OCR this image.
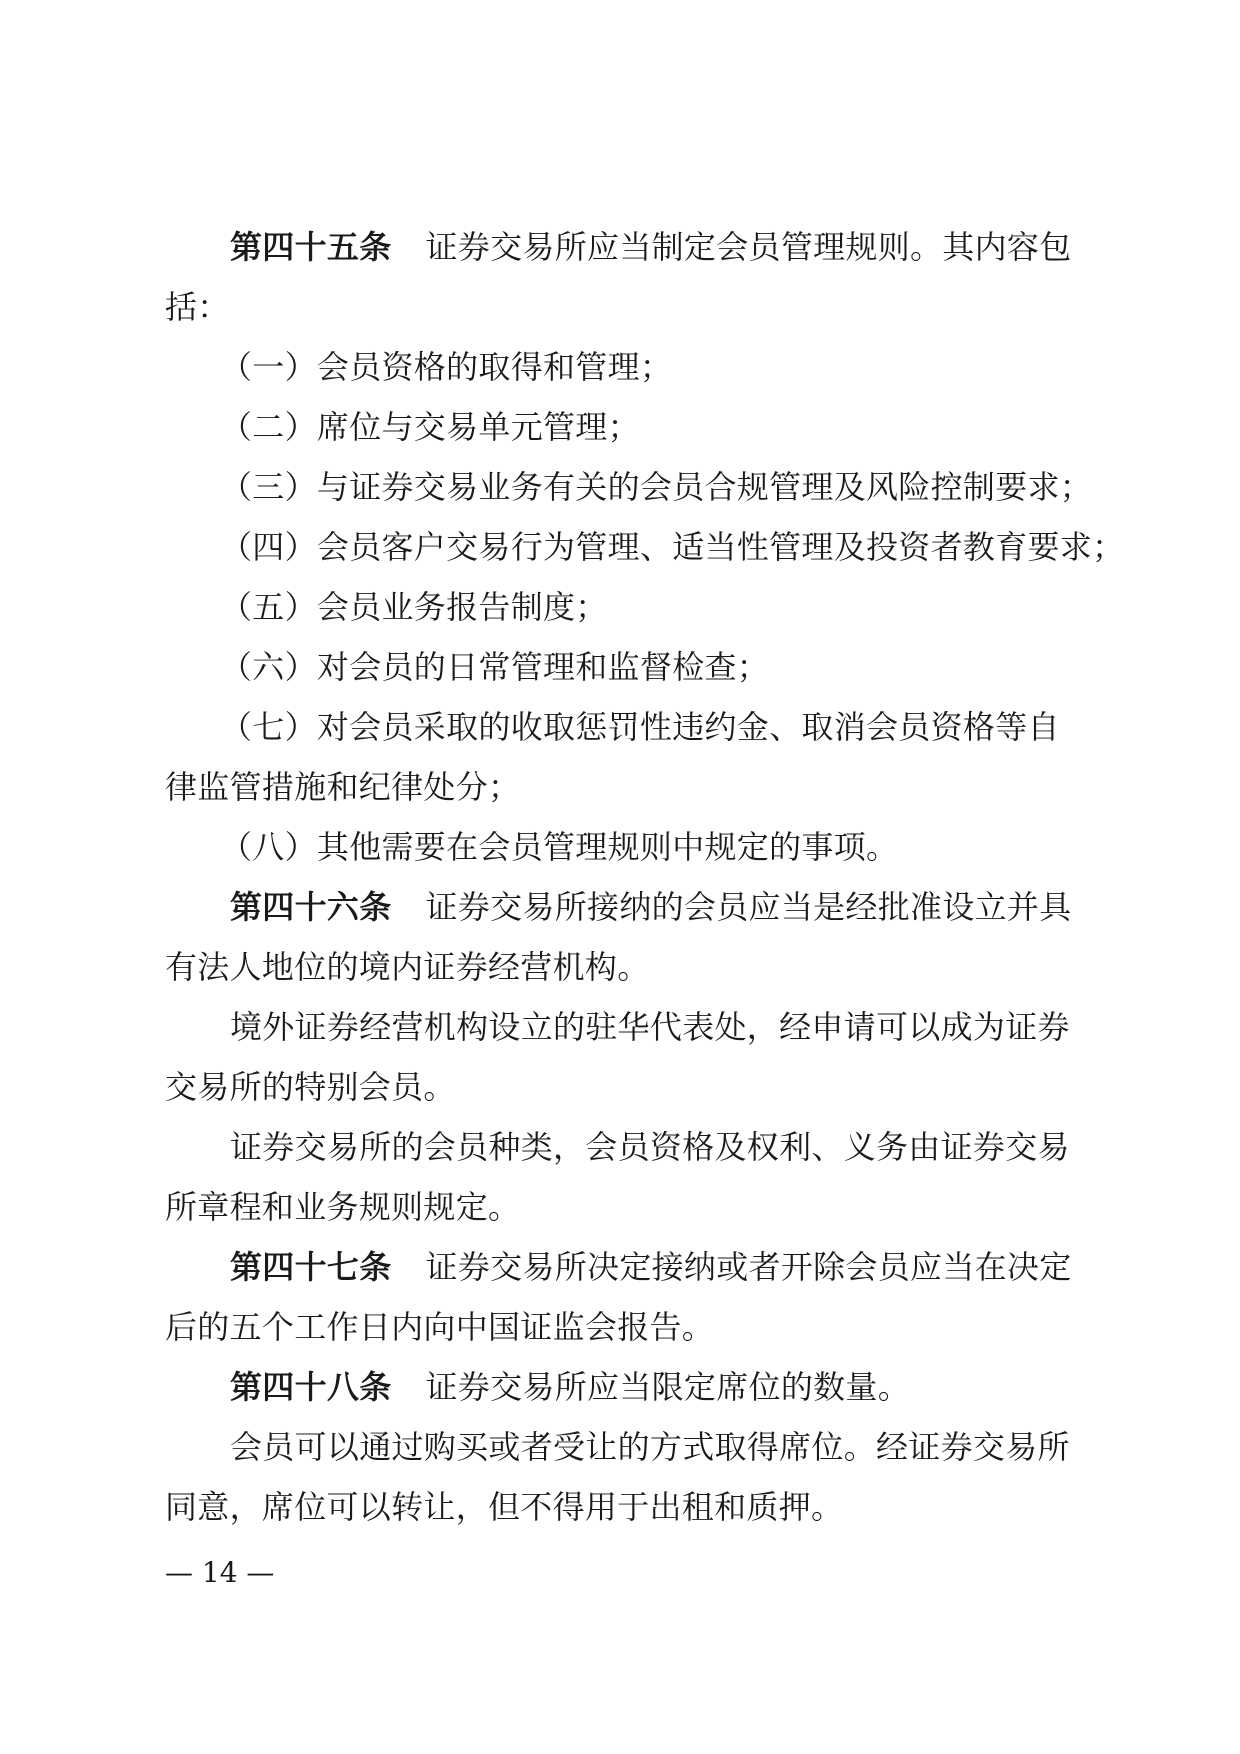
第四十五条 证券交易所应当制定会员管理规则。其内容包
括：
（一）会员资格的取得和管理；
（二）席位与交易单元管理；
（三）与证券交易业务有关的会员合规管理及风险控制要求；
（四）会员客户交易行为管理、适当性管理及投资者教育要求；
（五）会员业务报告制度；
（六）对会员的日常管理和监督检查；
（七）对会员采取的收取惩罚性违约金、取消会员资格等自
律监管措施和纪律处分；
（八）其他需要在会员管理规则中规定的事项。
第四十六条 证券交易所接纳的会员应当是经批准设立并具
有法人地位的境内证券经营机构。
境外证券经营机构设立的驻华代表处，经申请可以成为证券
交易所的特别会员。
证券交易所的会员种类，会员资格及权利、义务由证券交易
所章程和业务规则规定。
第四十七条 证券交易所决定接纳或者开除会员应当在决定
后的五个工作日内向中国证监会报告。
第四十八条 证券交易所应当限定席位的数量。
会员可以通过购买或者受让的方式取得席位。经证券交易所
同意，席位可以转让，但不得用于出租和质押。
— 14 —
